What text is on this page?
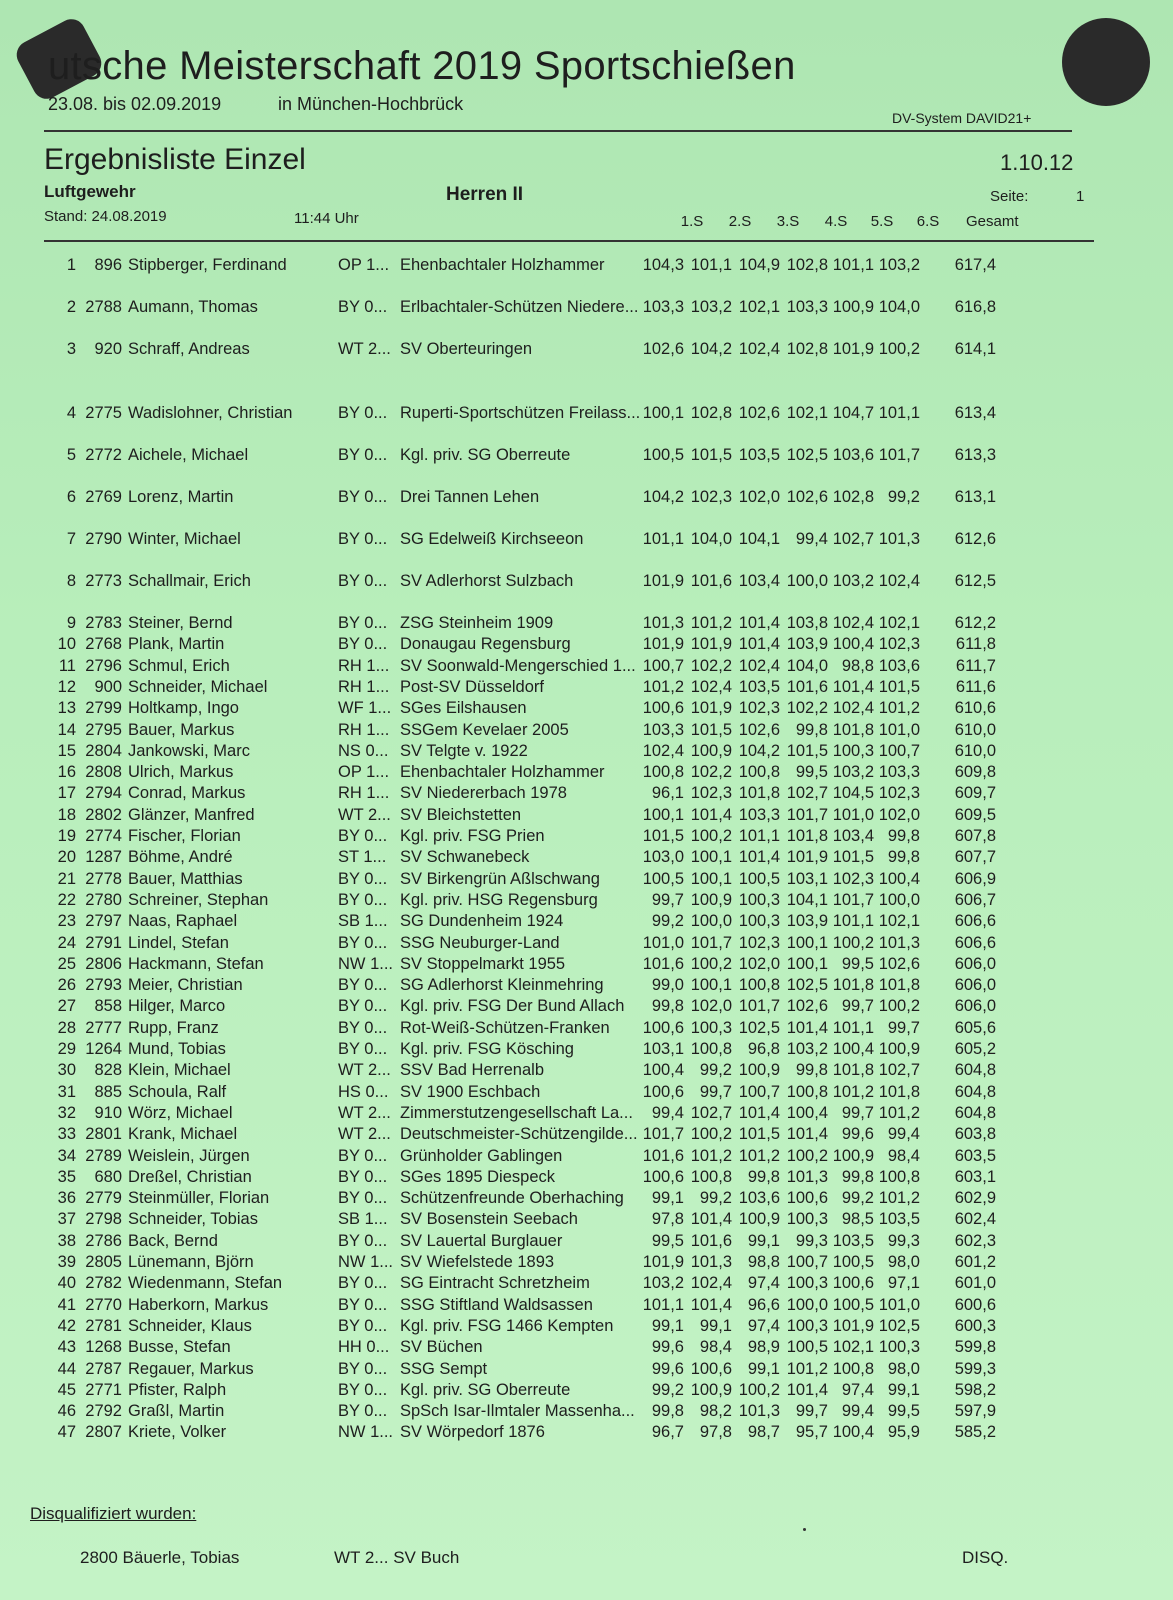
utsche Meisterschaft 2019 Sportschießen
23.08. bis 02.09.2019	in München-Hochbrück
DV-System DAVID21+
Ergebnisliste Einzel	1.10.12
Luftgewehr	Herren II	Seite:	1
Stand: 24.08.2019	11:44 Uhr	1.S	2.S	3.S	4.S	5.S	6.S	Gesamt
1	896 Stipberger, Ferdinand	OP 1... Ehenbachtaler Holzhammer	104,3 101,1 104,9 102,8 101,1 103,2 617,4
2 2788 Aumann, Thomas	BY 0... Erlbachtaler-Schützen Niedere... 103,3 103,2 102,1 103,3 100,9 104,0 616,8
3	920 Schraff, Andreas	WT 2... SV Oberteuringen	102,6 104,2 102,4 102,8 101,9 100,2 614,1
4 2775 Wadislohner, Christian	BY 0... Ruperti-Sportschützen Freilass... 100,1 102,8 102,6 102,1 104,7 101,1 613,4
5 2772 Aichele, Michael	BY 0... Kgl. priv. SG Oberreute	100,5 101,5 103,5 102,5 103,6 101,7 613,3
6 2769 Lorenz, Martin	BY 0... Drei Tannen Lehen	104,2 102,3 102,0 102,6 102,8 99,2 613,1
7 2790 Winter, Michael	BY 0... SG Edelweiß Kirchseeon	101,1 104,0 104,1 99,4 102,7 101,3 612,6
8 2773 Schallmair, Erich	BY 0... SV Adlerhorst Sulzbach	101,9 101,6 103,4 100,0 103,2 102,4 612,5
9 2783 Steiner, Bernd	BY 0... ZSG Steinheim 1909	101,3 101,2 101,4 103,8 102,4 102,1 612,2
10 2768 Plank, Martin	BY 0... Donaugau Regensburg	101,9 101,9 101,4 103,9 100,4 102,3	611,8
11 2796 Schmul, Erich	RH 1... SV Soonwald-Mengerschied 1... 100,7 102,2 102,4 104,0 98,8 103,6	611,7
12	900 Schneider, Michael	RH 1... Post-SV Düsseldorf	101,2 102,4 103,5 101,6 101,4 101,5	611,6
13 2799 Holtkamp, Ingo	WF 1... SGes Eilshausen	100,6 101,9 102,3 102,2 102,4 101,2 610,6
14 2795 Bauer, Markus	RH 1... SSGem Kevelaer 2005	103,3 101,5 102,6 99,8 101,8 101,0 610,0
15 2804 Jankowski, Marc	NS 0... SV Telgte v. 1922	102,4 100,9 104,2 101,5 100,3 100,7 610,0
16 2808 Ulrich, Markus	OP 1... Ehenbachtaler Holzhammer	100,8 102,2 100,8 99,5 103,2 103,3 609,8
17 2794 Conrad, Markus	RH 1... SV Niedererbach 1978	96,1 102,3 101,8 102,7 104,5 102,3 609,7
18 2802 Glänzer, Manfred	WT 2... SV Bleichstetten	100,1 101,4 103,3 101,7 101,0 102,0 609,5
19 2774 Fischer, Florian	BY 0... Kgl. priv. FSG Prien	101,5 100,2 101,1 101,8 103,4 99,8 607,8
20 1287 Böhme, André	ST 1... SV Schwanebeck	103,0 100,1 101,4 101,9 101,5 99,8 607,7
21 2778 Bauer, Matthias	BY 0... SV Birkengrün Aßlschwang	100,5 100,1 100,5 103,1 102,3 100,4 606,9
22 2780 Schreiner, Stephan	BY 0... Kgl. priv. HSG Regensburg	99,7 100,9 100,3 104,1 101,7 100,0 606,7
23 2797 Naas, Raphael	SB 1... SG Dundenheim 1924	99,2 100,0 100,3 103,9 101,1 102,1 606,6
24 2791 Lindel, Stefan	BY 0... SSG Neuburger-Land	101,0 101,7 102,3 100,1 100,2 101,3 606,6
25 2806 Hackmann, Stefan	NW 1... SV Stoppelmarkt 1955	101,6 100,2 102,0 100,1 99,5 102,6 606,0
26 2793 Meier, Christian	BY 0... SG Adlerhorst Kleinmehring	99,0 100,1 100,8 102,5 101,8 101,8 606,0
27	858 Hilger, Marco	BY 0... Kgl. priv. FSG Der Bund Allach	99,8 102,0 101,7 102,6 99,7 100,2 606,0
28 2777 Rupp, Franz	BY 0... Rot-Weiß-Schützen-Franken	100,6 100,3 102,5 101,4 101,1 99,7 605,6
29 1264 Mund, Tobias	BY 0... Kgl. priv. FSG Kösching	103,1 100,8 96,8 103,2 100,4 100,9 605,2
30	828 Klein, Michael	WT 2... SSV Bad Herrenalb	100,4 99,2 100,9 99,8 101,8 102,7 604,8
31	885 Schoula, Ralf	HS 0... SV 1900 Eschbach	100,6 99,7 100,7 100,8 101,2 101,8 604,8
32	910 Wörz, Michael	WT 2... Zimmerstutzengesellschaft La...	99,4 102,7 101,4 100,4 99,7 101,2 604,8
33 2801 Krank, Michael	WT 2... Deutschmeister-Schützengilde... 101,7 100,2 101,5 101,4 99,6 99,4 603,8
34 2789 Weislein, Jürgen	BY 0... Grünholder Gablingen	101,6 101,2 101,2 100,2 100,9 98,4 603,5
35	680 Dreßel, Christian	BY 0... SGes 1895 Diespeck	100,6 100,8 99,8 101,3 99,8 100,8 603,1
36 2779 Steinmüller, Florian	BY 0... Schützenfreunde Oberhaching	99,1 99,2 103,6 100,6 99,2 101,2 602,9
37 2798 Schneider, Tobias	SB 1... SV Bosenstein Seebach	97,8 101,4 100,9 100,3 98,5 103,5 602,4
38 2786 Back, Bernd	BY 0... SV Lauertal Burglauer	99,5 101,6 99,1 99,3 103,5 99,3 602,3
39 2805 Lünemann, Björn	NW 1... SV Wiefelstede 1893	101,9 101,3 98,8 100,7 100,5 98,0 601,2
40 2782 Wiedenmann, Stefan	BY 0... SG Eintracht Schretzheim	103,2 102,4 97,4 100,3 100,6 97,1 601,0
41 2770 Haberkorn, Markus	BY 0... SSG Stiftland Waldsassen	101,1 101,4 96,6 100,0 100,5 101,0 600,6
42 2781 Schneider, Klaus	BY 0... Kgl. priv. FSG 1466 Kempten	99,1 99,1 97,4 100,3 101,9 102,5 600,3
43 1268 Busse, Stefan	HH 0... SV Büchen	99,6 98,4 98,9 100,5 102,1 100,3 599,8
44 2787 Regauer, Markus	BY 0... SSG Sempt	99,6 100,6 99,1 101,2 100,8 98,0 599,3
45 2771 Pfister, Ralph	BY 0... Kgl. priv. SG Oberreute	99,2 100,9 100,2 101,4 97,4 99,1 598,2
46 2792 Graßl, Martin	BY 0... SpSch Isar-Ilmtaler Massenha...	99,8 98,2 101,3 99,7 99,4 99,5 597,9
47 2807 Kriete, Volker	NW 1... SV Wörpedorf 1876	96,7 97,8 98,7 95,7 100,4 95,9 585,2
Disqualifiziert wurden:
2800 Bäuerle, Tobias	WT 2... SV Buch	DISQ.
